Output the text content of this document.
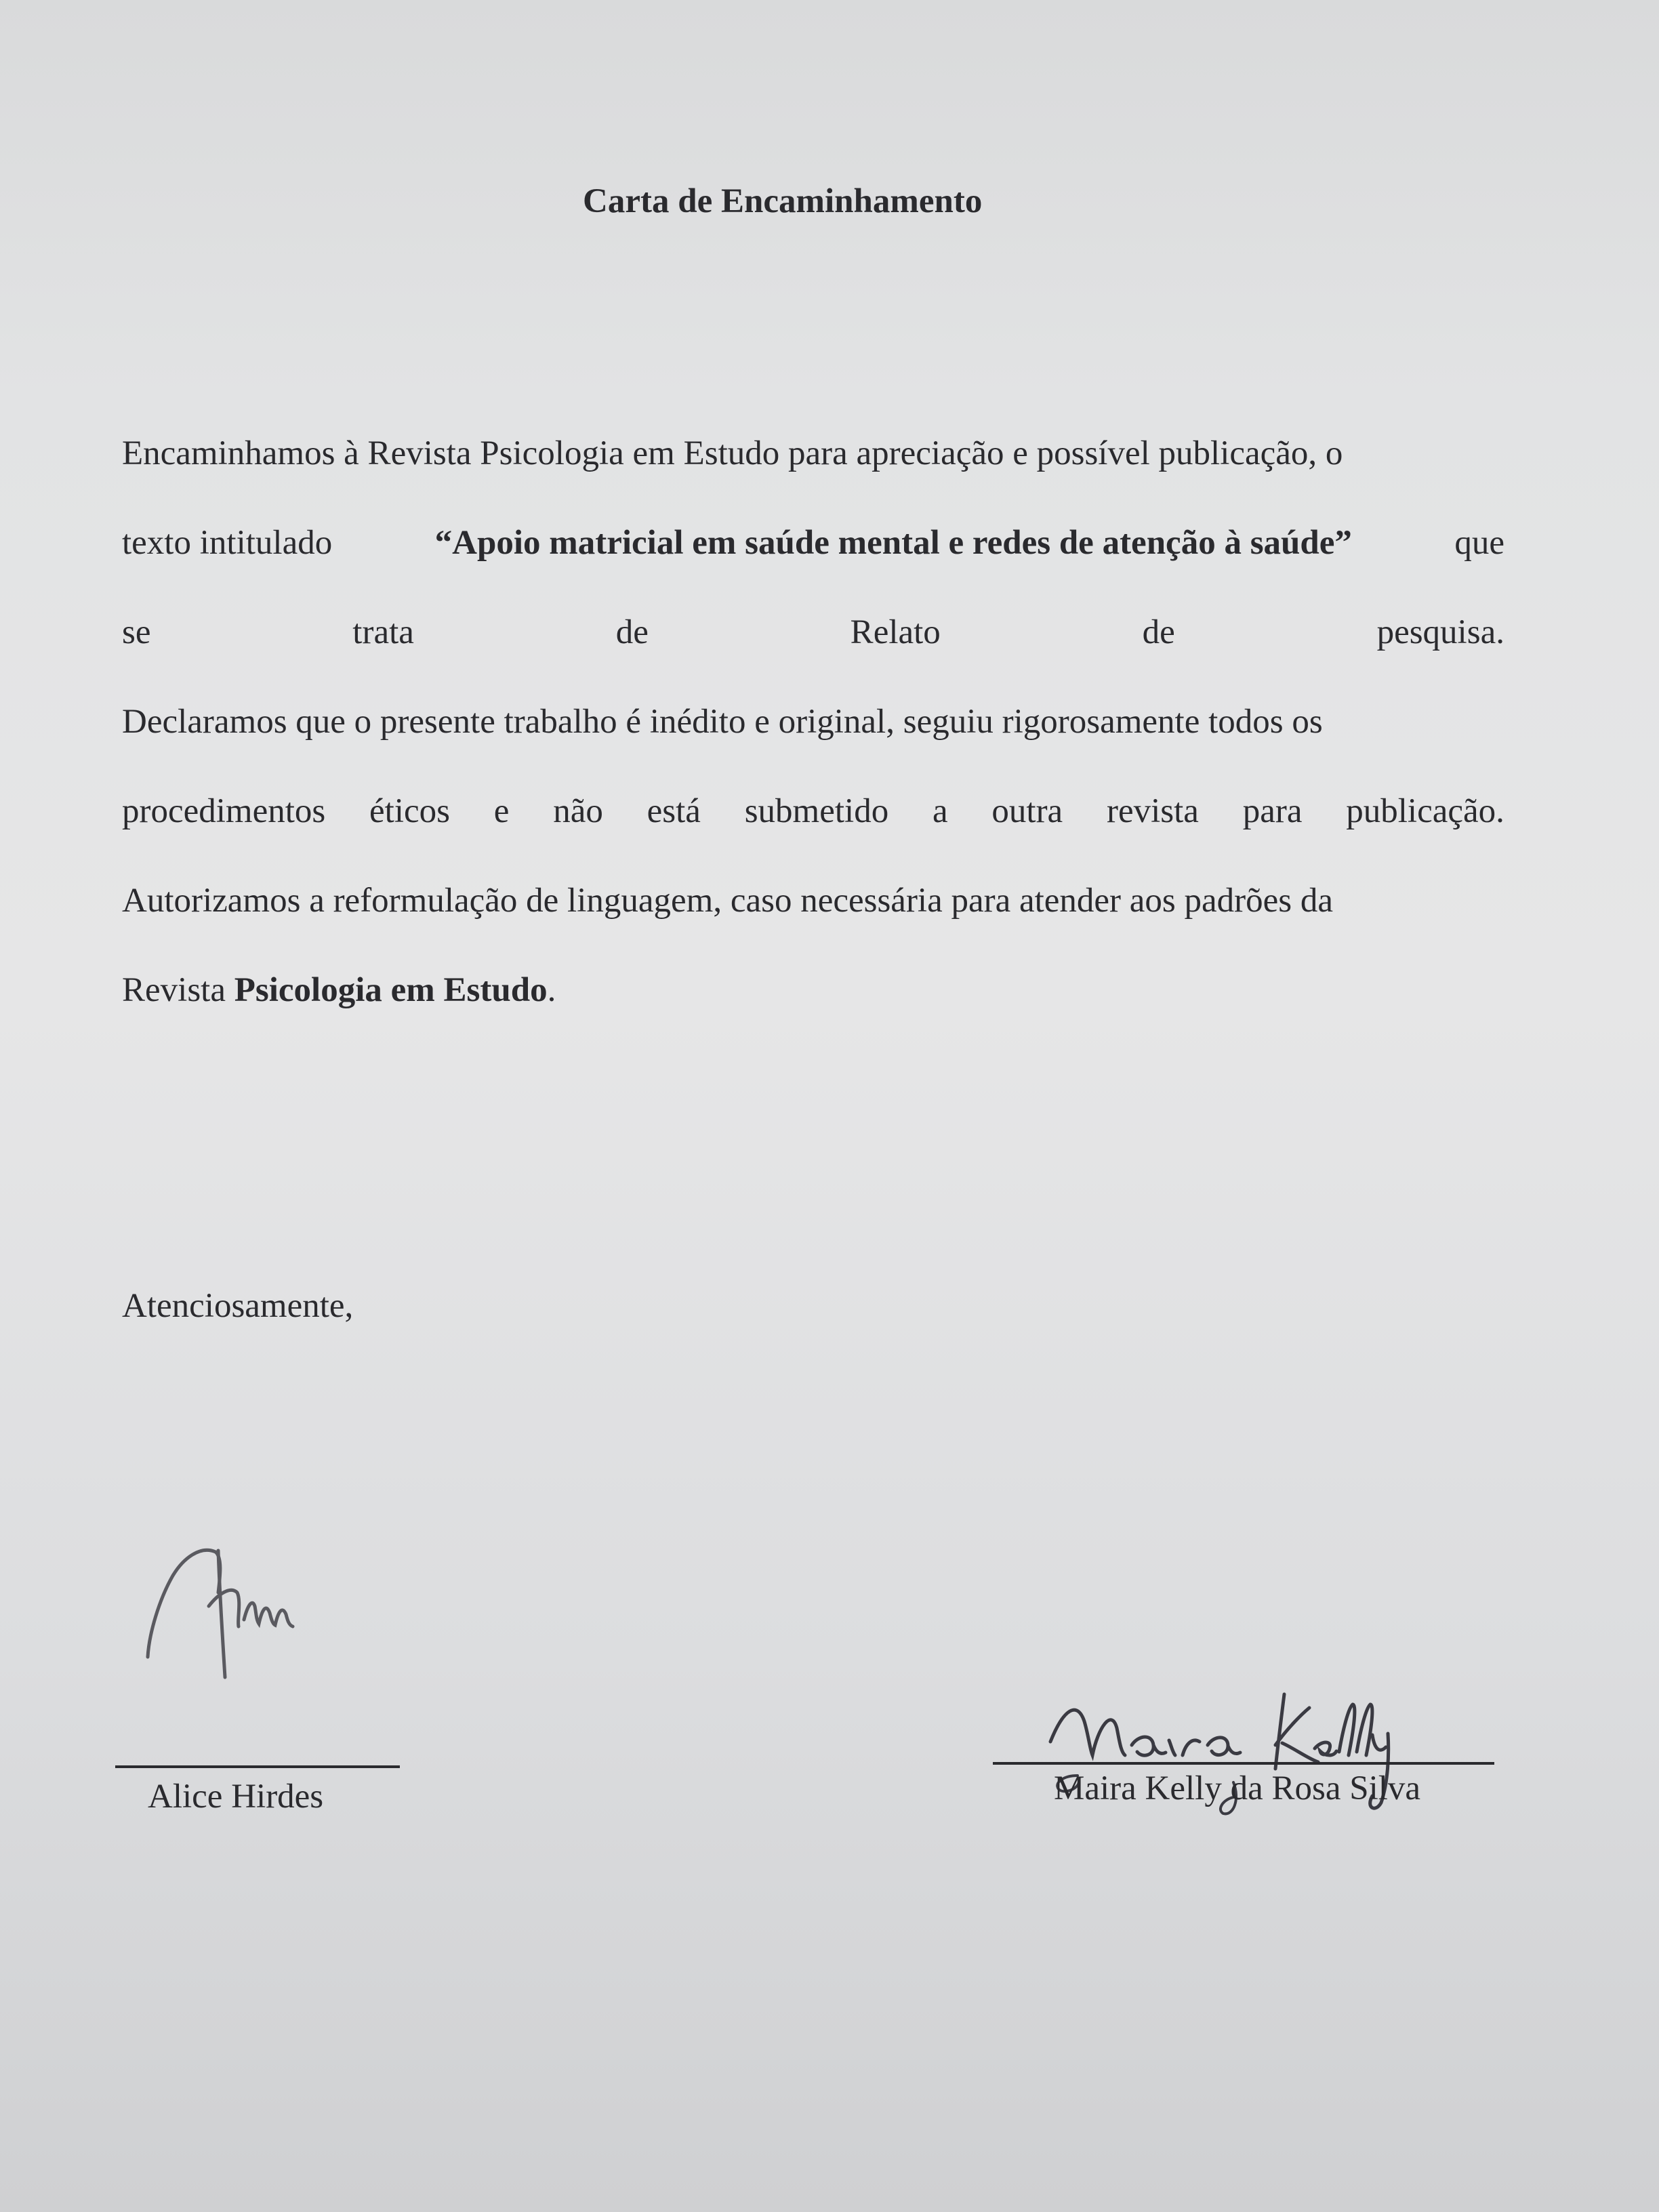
Carta de Encaminhamento
Encaminhamos à Revista Psicologia em Estudo para apreciação e possível publicação, o
texto intitulado	“Apoio matricial em saúde mental e redes de atenção à saúde”	que
se	trata	de	Relato	de	pesquisa.
Declaramos que o presente trabalho é inédito e original, seguiu rigorosamente todos os
procedimentos éticos e não está submetido a outra revista para publicação.
Autorizamos a reformulação de linguagem, caso necessária para atender aos padrões da
Revista Psicologia em Estudo.
Atenciosamente,
Alice Hirdes	Maira Kelly da Rosa Silva
